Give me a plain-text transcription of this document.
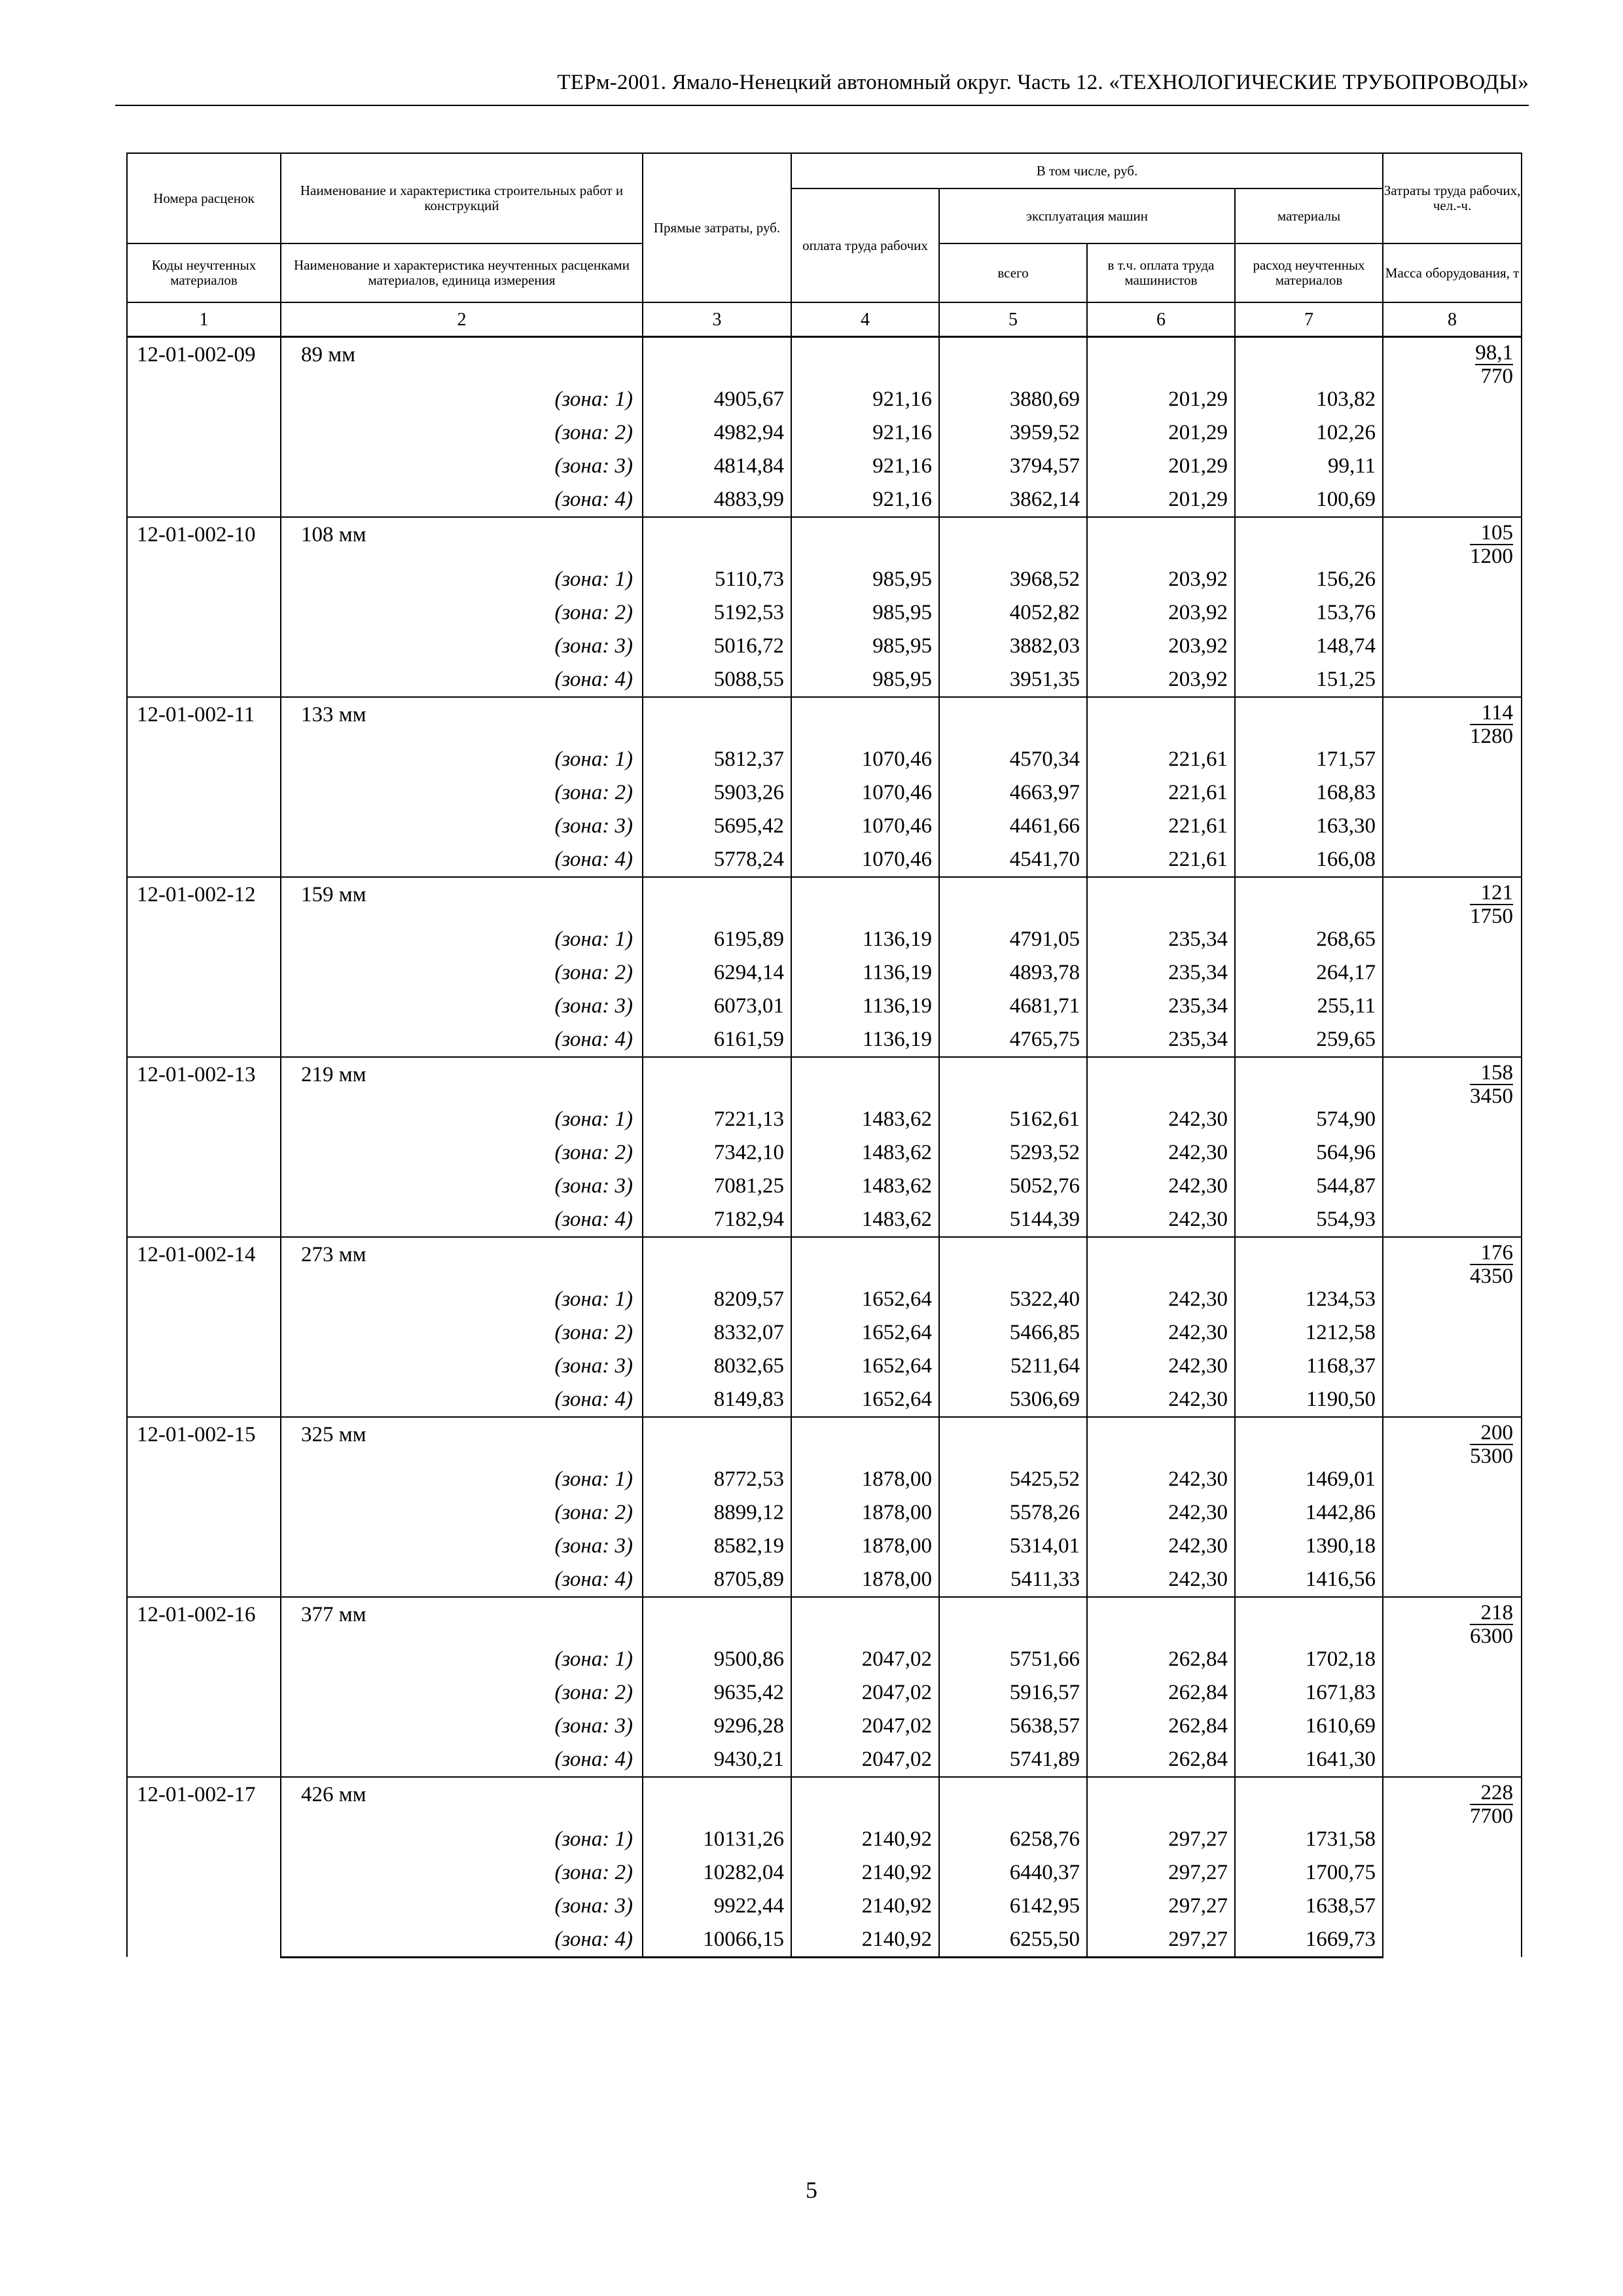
ТЕРм-2001. Ямало-Ненецкий автономный округ. Часть 12. «ТЕХНОЛОГИЧЕСКИЕ ТРУБОПРОВОДЫ»
Номера расценок	Наименование и характеристика строительных работ и конструкций	Прямые затраты, руб.	В том числе, руб.				Затраты труда рабочих, чел.-ч.
			оплата труда рабочих	эксплуатация машин		материалы	
Коды неучтенных материалов	Наименование и характеристика неучтенных расценками материалов, единица измерения			всего	в т.ч. оплата труда машинистов	расход неучтенных материалов	Масса оборудования, т
1	2	3	4	5	6	7	8
12-01-002-09	89 мм						$\frac{98,1}{770}$

	(зона: 1)	4905,67	921,16	3880,69	201,29	103,82	
	(зона: 2)	4982,94	921,16	3959,52	201,29	102,26	
	(зона: 3)	4814,84	921,16	3794,57	201,29	99,11	
	(зона: 4)	4883,99	921,16	3862,14	201,29	100,69	
12-01-002-10	108 мм						$\frac{105}{1200}$

	(зона: 1)	5110,73	985,95	3968,52	203,92	156,26	
	(зона: 2)	5192,53	985,95	4052,82	203,92	153,76	
	(зона: 3)	5016,72	985,95	3882,03	203,92	148,74	
	(зона: 4)	5088,55	985,95	3951,35	203,92	151,25	
12-01-002-11	133 мм						$\frac{114}{1280}$

	(зона: 1)	5812,37	1070,46	4570,34	221,61	171,57	
	(зона: 2)	5903,26	1070,46	4663,97	221,61	168,83	
	(зона: 3)	5695,42	1070,46	4461,66	221,61	163,30	
	(зона: 4)	5778,24	1070,46	4541,70	221,61	166,08	
12-01-002-12	159 мм						$\frac{121}{1750}$

	(зона: 1)	6195,89	1136,19	4791,05	235,34	268,65	
	(зона: 2)	6294,14	1136,19	4893,78	235,34	264,17	
	(зона: 3)	6073,01	1136,19	4681,71	235,34	255,11	
	(зона: 4)	6161,59	1136,19	4765,75	235,34	259,65	
12-01-002-13	219 мм						$\frac{158}{3450}$

	(зона: 1)	7221,13	1483,62	5162,61	242,30	574,90	
	(зона: 2)	7342,10	1483,62	5293,52	242,30	564,96	
	(зона: 3)	7081,25	1483,62	5052,76	242,30	544,87	
	(зона: 4)	7182,94	1483,62	5144,39	242,30	554,93	
12-01-002-14	273 мм						$\frac{176}{4350}$

	(зона: 1)	8209,57	1652,64	5322,40	242,30	1234,53	
	(зона: 2)	8332,07	1652,64	5466,85	242,30	1212,58	
	(зона: 3)	8032,65	1652,64	5211,64	242,30	1168,37	
	(зона: 4)	8149,83	1652,64	5306,69	242,30	1190,50	
12-01-002-15	325 мм						$\frac{200}{5300}$

	(зона: 1)	8772,53	1878,00	5425,52	242,30	1469,01	
	(зона: 2)	8899,12	1878,00	5578,26	242,30	1442,86	
	(зона: 3)	8582,19	1878,00	5314,01	242,30	1390,18	
	(зона: 4)	8705,89	1878,00	5411,33	242,30	1416,56	
12-01-002-16	377 мм						$\frac{218}{6300}$

	(зона: 1)	9500,86	2047,02	5751,66	262,84	1702,18	
	(зона: 2)	9635,42	2047,02	5916,57	262,84	1671,83	
	(зона: 3)	9296,28	2047,02	5638,57	262,84	1610,69	
	(зона: 4)	9430,21	2047,02	5741,89	262,84	1641,30	
12-01-002-17	426 мм						$\frac{228}{7700}$

	(зона: 1)	10131,26	2140,92	6258,76	297,27	1731,58	
	(зона: 2)	10282,04	2140,92	6440,37	297,27	1700,75	
	(зона: 3)	9922,44	2140,92	6142,95	297,27	1638,57	
	(зона: 4)	10066,15	2140,92	6255,50	297,27	1669,73	
5
